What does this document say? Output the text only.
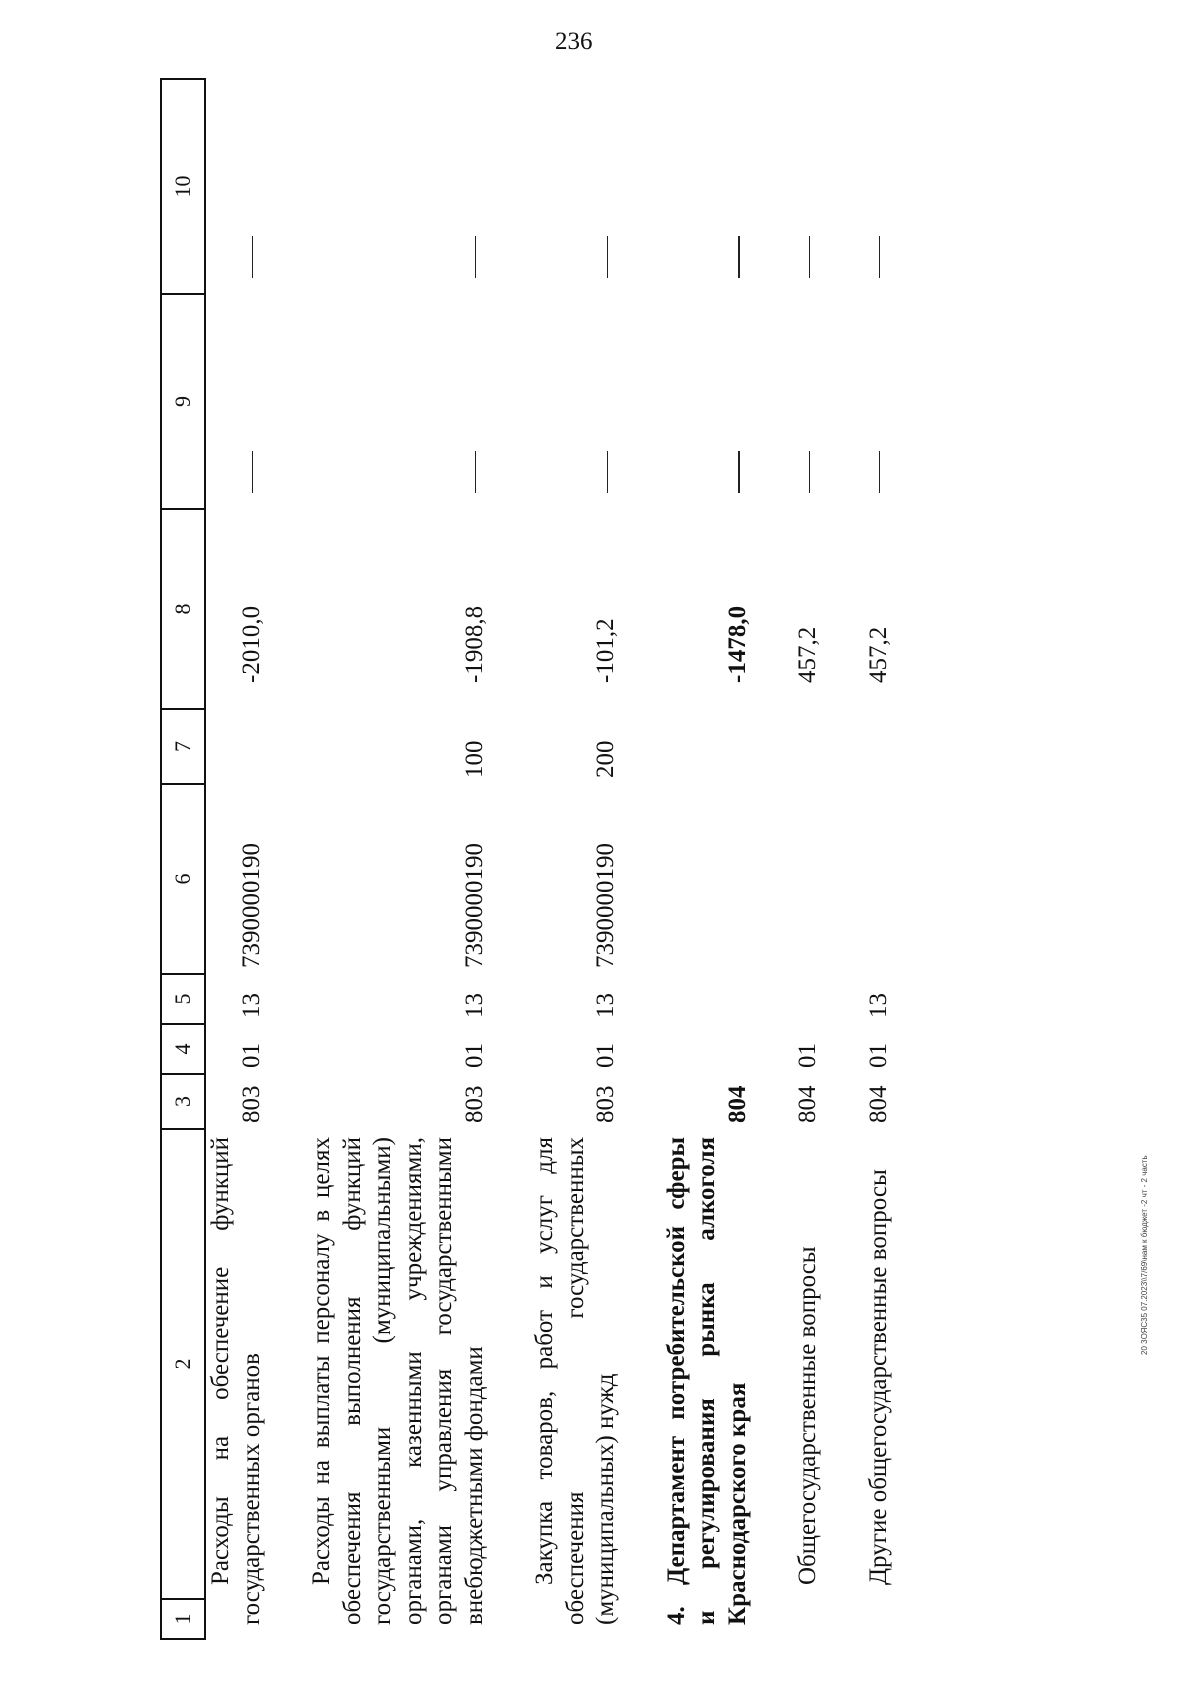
236
1	2	3	4	5	6	7	8	9	10
Расходы на обеспечение функций государственных органов		803	01	13	7390000190		-2010,0		

Расходы на выплаты персоналу в целях обеспечения выполнения функций государственными (муниципальными) органами, казенными учреждениями, органами управления государственными внебюджетными фондами		803	01	13	7390000190	100	-1908,8		

Закупка товаров, работ и услуг для обеспечения государственных (муниципальных) нужд		803	01	13	7390000190	200	-101,2		

4.Департамент потребительской сферы и регулирования рынка алкоголя Краснодарского края		804					-1478,0		

Общегосударственные вопросы		804	01				457,2		

Другие общегосударственные вопросы		804	01	13			457,2		
20 3ОЯС35 07.2023\\7/69\нам к бюджет -2 чт - 2 часть
